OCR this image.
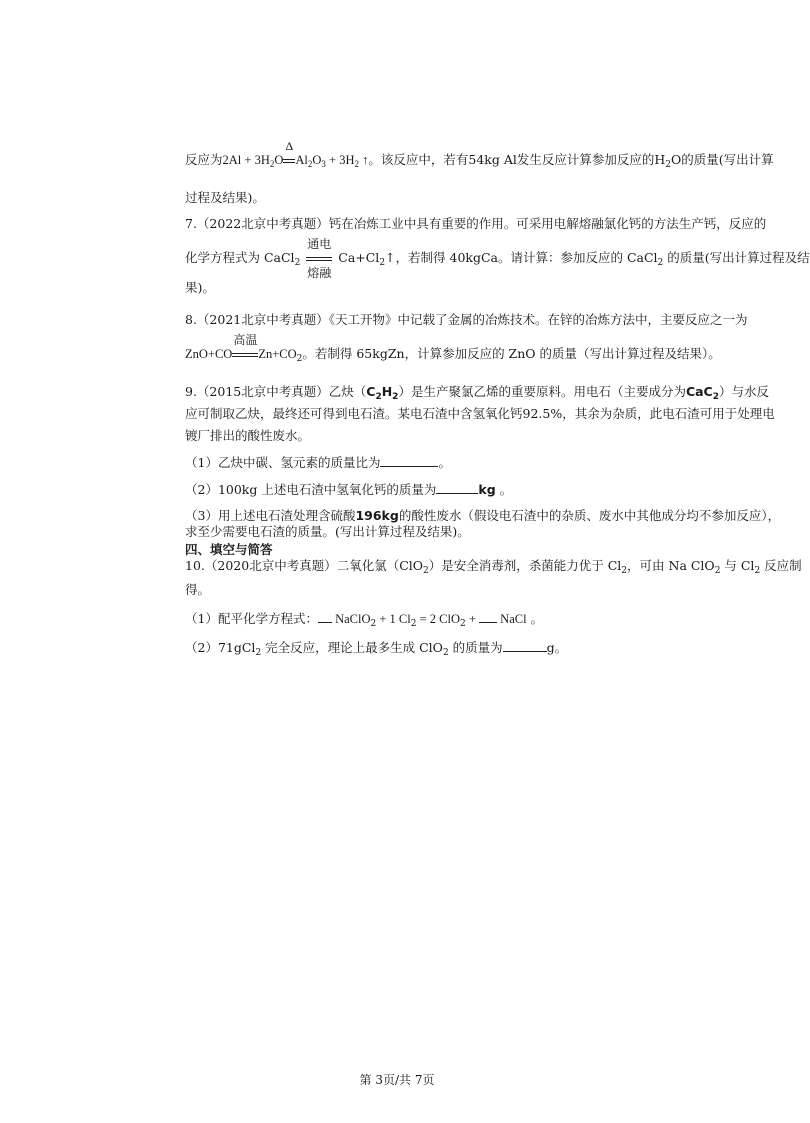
反应为$2Al + 3H_2O$
Δ
$Al_2O_3 + 3H_2$ ↑。该反应中，若有54kg Al发生反应计算参加反应的$H_2O$的质量(写出计算
过程及结果)。
7.（2022北京中考真题）钙在冶炼工业中具有重要的作用。可采用电解熔融氯化钙的方法生产钙，反应的
化学方程式为 CaCl$_2$
通电
熔融
$Ca+Cl_2↑$，若制得 40kgCa。请计算：参加反应的 CaCl$_2$ 的质量(写出计算过程及结
果)。
8.（2021北京中考真题）《天工开物》中记载了金属的冶炼技术。在锌的冶炼方法中，主要反应之一为
ZnO+CO
高温
$Zn+CO_2$。若制得 65kgZn，计算参加反应的 ZnO 的质量（写出计算过程及结果）。
9.（2015北京中考真题）乙炔$(C_2H_2)$是生产聚氯乙烯的重要原料。用电石（主要成分为CaC$_2$）与水反
应可制取乙炔，最终还可得到电石渣。某电石渣中含氢氧化钙92.5%，其余为杂质，此电石渣可用于处理电
镀厂排出的酸性废水。
（1）乙炔中碳、氢元素的质量比为	。
（2）100kg 上述电石渣中氢氧化钙的质量为	kg 。
（3）用上述电石渣处理含硫酸196kg的酸性废水（假设电石渣中的杂质、废水中其他成分均不参加反应），
求至少需要电石渣的质量。(写出计算过程及结果)。
四、填空与简答
10.（2020北京中考真题）二氧化氯（ClO$_2$）是安全消毒剂，杀菌能力优于 $Cl_2$，可由 Na ClO$_2$ 与 $Cl_2$ 反应制
得。
（1）配平化学方程式： NaClO$_2$ + 1 $Cl_2 = 2$ ClO$_2$ +  NaCl 。
（2）71gCl$_2$ 完全反应，理论上最多生成 ClO$_2$ 的质量为	g。
第 3页/共 7页
